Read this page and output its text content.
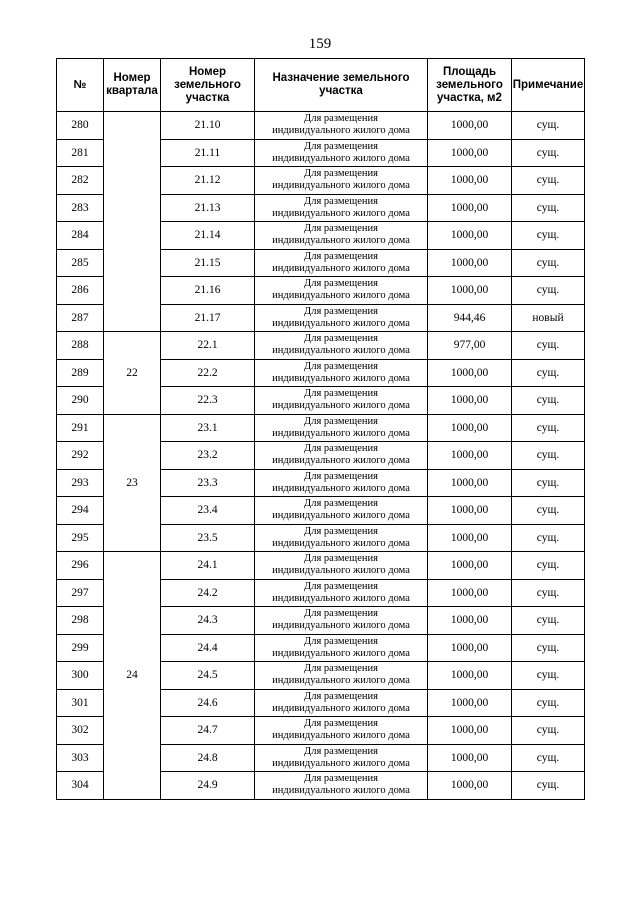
159
№	Номер квартала	Номер земельного участка	Назначение земельного участка	Площадь земельного участка, м2	Примечание
280		21.10	Для размещения
индивидуального жилого дома	1000,00	сущ.
281		21.11	Для размещения
индивидуального жилого дома	1000,00	сущ.
282		21.12	Для размещения
индивидуального жилого дома	1000,00	сущ.
283		21.13	Для размещения
индивидуального жилого дома	1000,00	сущ.
284		21.14	Для размещения
индивидуального жилого дома	1000,00	сущ.
285		21.15	Для размещения
индивидуального жилого дома	1000,00	сущ.
286		21.16	Для размещения
индивидуального жилого дома	1000,00	сущ.
287		21.17	Для размещения
индивидуального жилого дома	944,46	новый
288	22	22.1	Для размещения
индивидуального жилого дома	977,00	сущ.
289		22.2	Для размещения
индивидуального жилого дома	1000,00	сущ.
290		22.3	Для размещения
индивидуального жилого дома	1000,00	сущ.
291	23	23.1	Для размещения
индивидуального жилого дома	1000,00	сущ.
292		23.2	Для размещения
индивидуального жилого дома	1000,00	сущ.
293		23.3	Для размещения
индивидуального жилого дома	1000,00	сущ.
294		23.4	Для размещения
индивидуального жилого дома	1000,00	сущ.
295		23.5	Для размещения
индивидуального жилого дома	1000,00	сущ.
296	24	24.1	Для размещения
индивидуального жилого дома	1000,00	сущ.
297		24.2	Для размещения
индивидуального жилого дома	1000,00	сущ.
298		24.3	Для размещения
индивидуального жилого дома	1000,00	сущ.
299		24.4	Для размещения
индивидуального жилого дома	1000,00	сущ.
300		24.5	Для размещения
индивидуального жилого дома	1000,00	сущ.
301		24.6	Для размещения
индивидуального жилого дома	1000,00	сущ.
302		24.7	Для размещения
индивидуального жилого дома	1000,00	сущ.
303		24.8	Для размещения
индивидуального жилого дома	1000,00	сущ.
304		24.9	Для размещения
индивидуального жилого дома	1000,00	сущ.
